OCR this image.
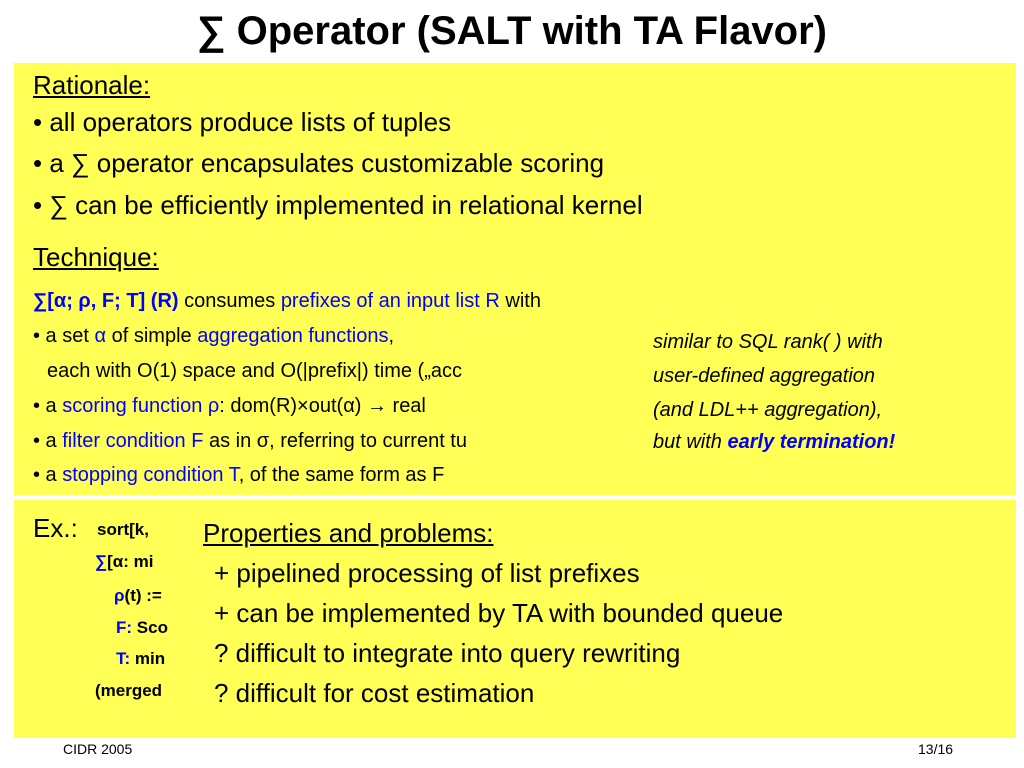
∑ Operator (SALT with TA Flavor)
Rationale:
• all operators produce lists of tuples
• a ∑ operator encapsulates customizable scoring
• ∑ can be efficiently implemented in relational kernel
Technique:
∑[α; ρ, F; T] (R) consumes prefixes of an input list R with
• a set α of simple aggregation functions,
each with O(1) space and O(|prefix|) time („acc
• a scoring function ρ: dom(R)×out(α) → real
• a filter condition F as in σ, referring to current tu
• a stopping condition T, of the same form as F
similar to SQL rank( ) with
user-defined aggregation
(and LDL++ aggregation),
but with early termination!
Ex.: sort[k,
∑[α: mi
ρ(t) :=
F: Sco
T: min
(merged
Properties and problems:
+ pipelined processing of list prefixes
+ can be implemented by TA with bounded queue
? difficult to integrate into query rewriting
? difficult for cost estimation
CIDR 2005	13/16
